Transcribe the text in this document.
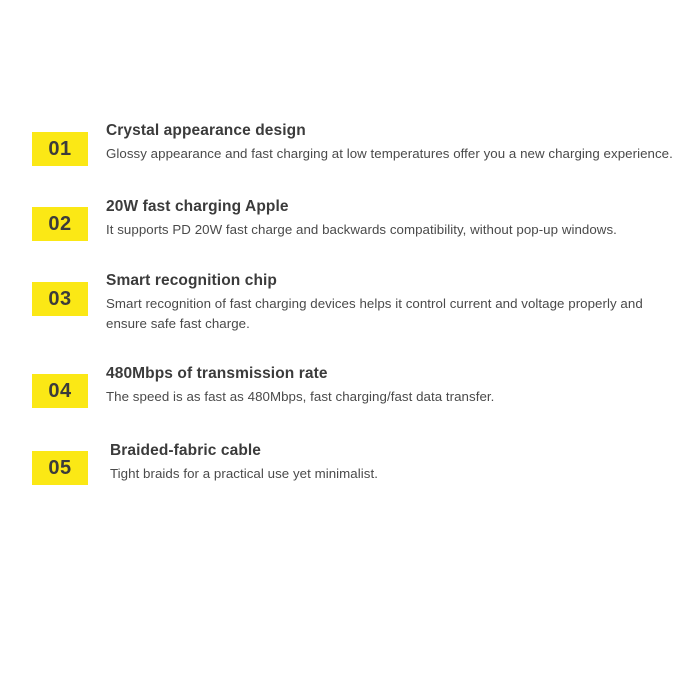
01

Crystal appearance design

Glossy appearance and fast charging at low temperatures offer you a new charging experience.

02

20W fast charging Apple

It supports PD 20W fast charge and backwards compatibility, without pop-up windows.

03

Smart recognition chip

Smart recognition of fast charging devices helps it control current and voltage properly and ensure safe fast charge.

04

480Mbps of transmission rate

The speed is as fast as 480Mbps, fast charging/fast data transfer.

05

Braided-fabric cable

Tight braids for a practical use yet minimalist.
